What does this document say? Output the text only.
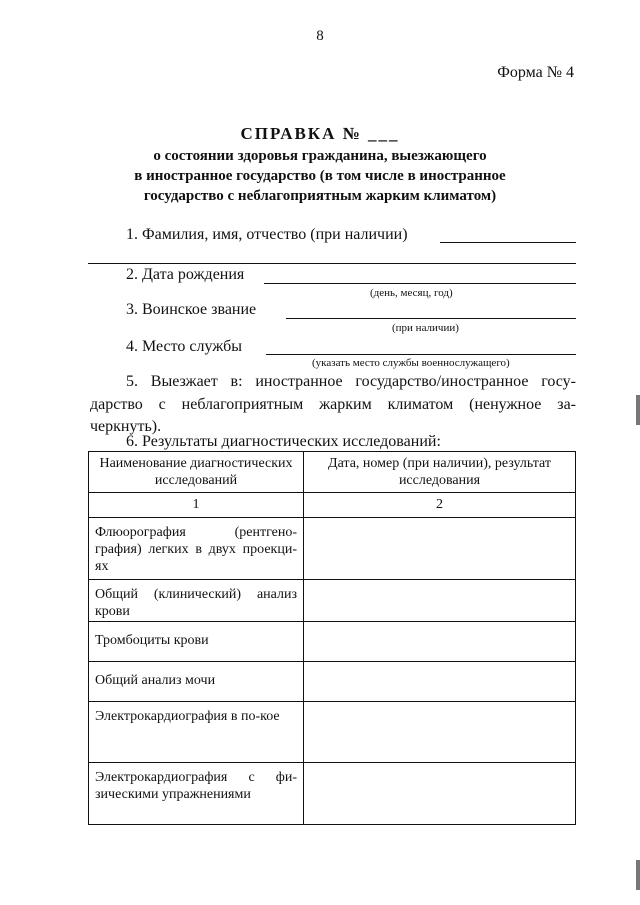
8
Форма № 4
СПРАВКА № ___
о состоянии здоровья гражданина, выезжающего
в иностранное государство (в том числе в иностранное
государство с неблагоприятным жарким климатом)
1. Фамилия, имя, отчество (при наличии)
2. Дата рождения
(день, месяц, год)
3. Воинское звание
(при наличии)
4. Место службы
(указать место службы военнослужащего)
5. Выезжает в: иностранное государство/иностранное госу-
дарство с неблагоприятным жарким климатом (ненужное за-
черкнуть).
6. Результаты диагностических исследований:
Наименование диагностических исследований	Дата, номер (при наличии), результат исследования
1	2
Флюорография (рентгено-графия) легких в двух проекци-ях	
Общий (клинический) анализ крови	
Тромбоциты крови	
Общий анализ мочи	
Электрокардиография в по-кое	
Электрокардиография с фи-зическими упражнениями	
